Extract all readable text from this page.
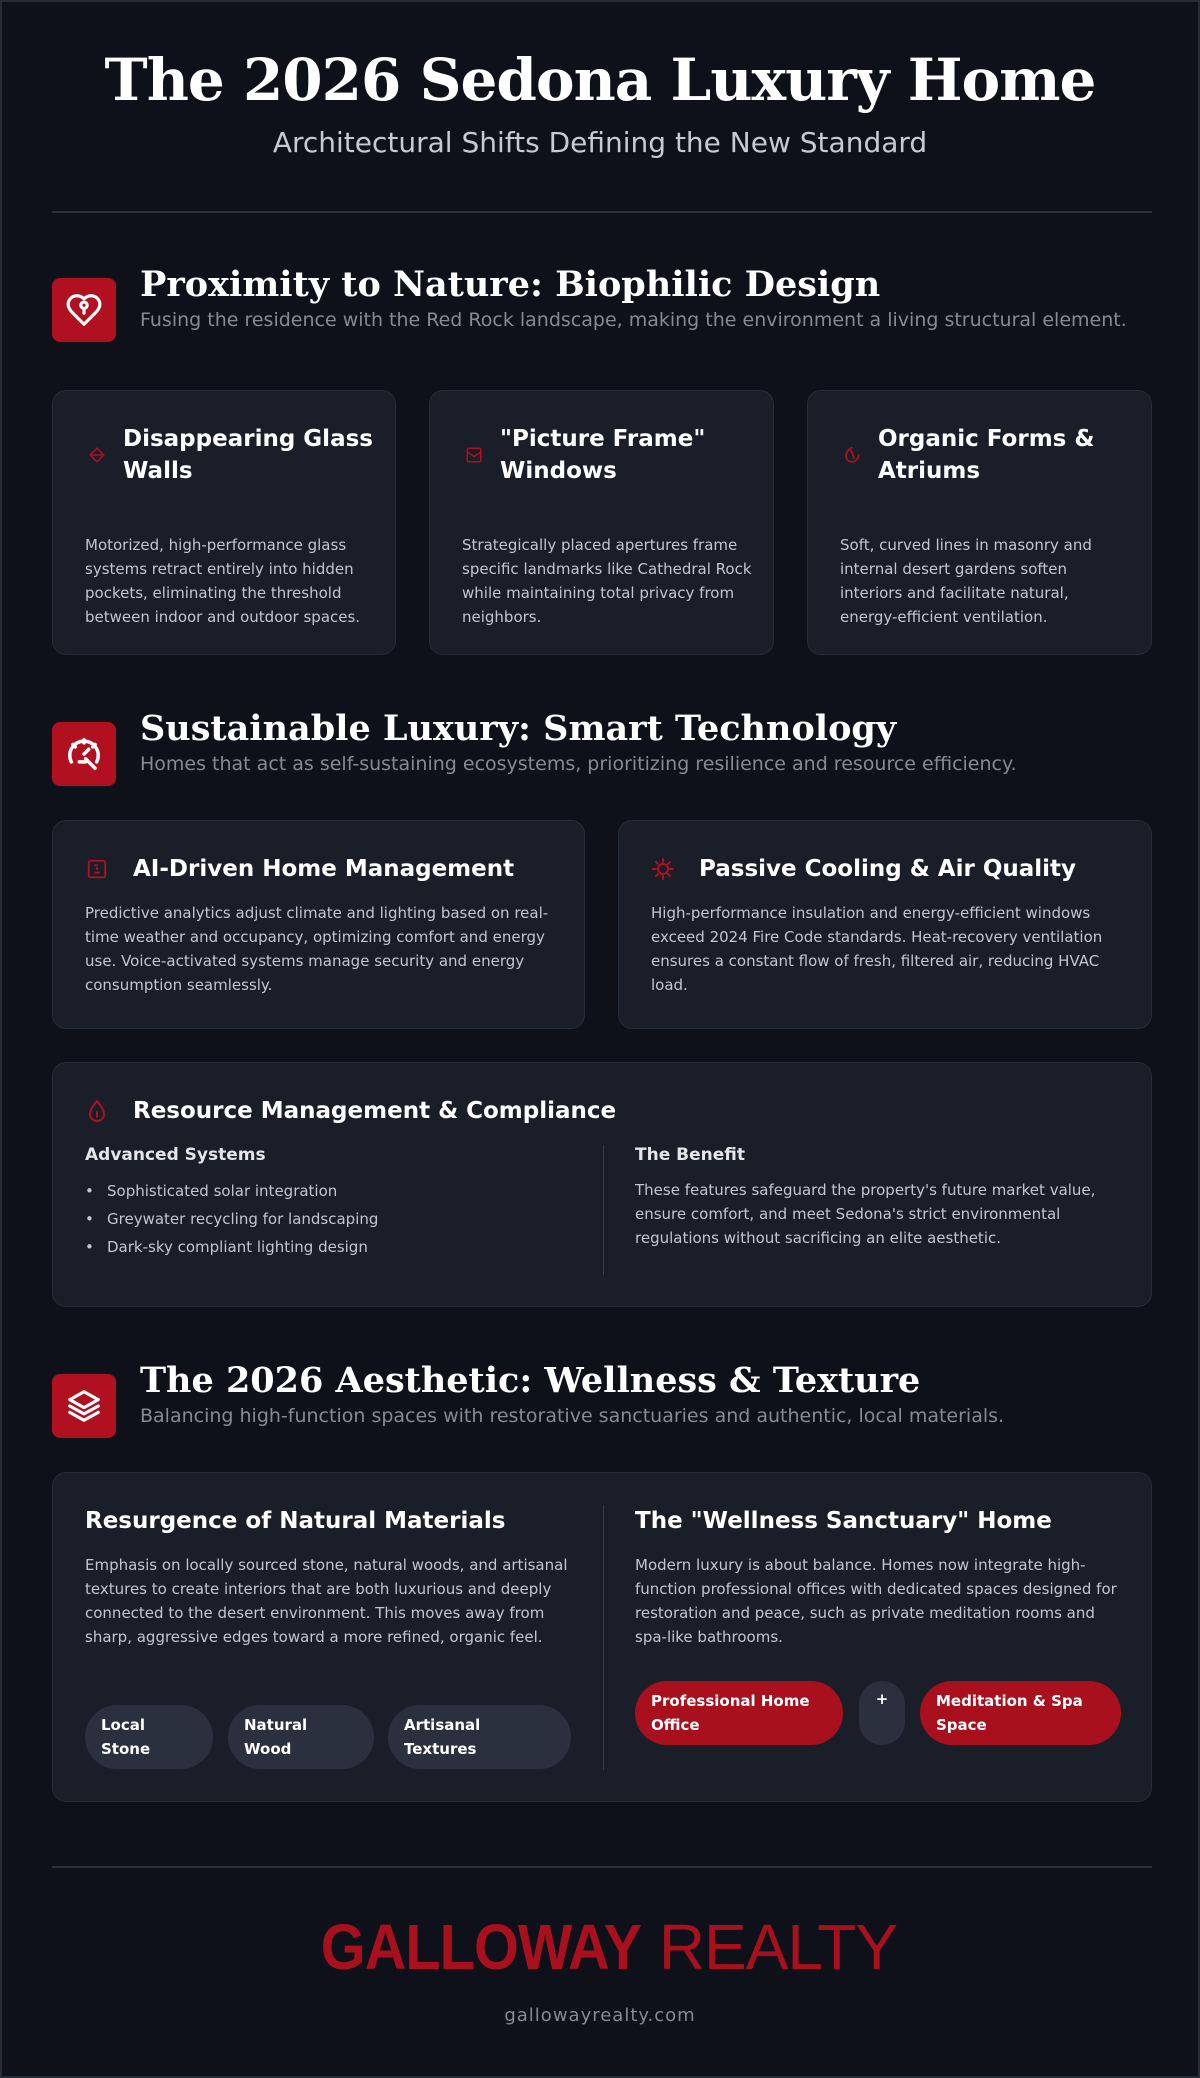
The 2026 Sedona Luxury Home
Architectural Shifts Defining the New Standard
Proximity to Nature: Biophilic Design

Fusing the residence with the Red Rock landscape, making the environment a living structural element.

Disappearing Glass Walls

Motorized, high-performance glass systems retract entirely into hidden pockets, eliminating the threshold between indoor and outdoor spaces.

"Picture Frame" Windows

Strategically placed apertures frame specific landmarks like Cathedral Rock while maintaining total privacy from neighbors.

Organic Forms & Atriums

Soft, curved lines in masonry and internal desert gardens soften interiors and facilitate natural, energy-efficient ventilation.

Sustainable Luxury: Smart Technology

Homes that act as self-sustaining ecosystems, prioritizing resilience and resource efficiency.

AI-Driven Home Management

Predictive analytics adjust climate and lighting based on real-time weather and occupancy, optimizing comfort and energy use. Voice-activated systems manage security and energy consumption seamlessly.

Passive Cooling & Air Quality

High-performance insulation and energy-efficient windows exceed 2024 Fire Code standards. Heat-recovery ventilation ensures a constant flow of fresh, filtered air, reducing HVAC load.

Resource Management & Compliance
Advanced Systems
• Sophisticated solar integration
• Greywater recycling for landscaping
• Dark-sky compliant lighting design
The Benefit

These features safeguard the property's future market value, ensure comfort, and meet Sedona's strict environmental regulations without sacrificing an elite aesthetic.

The 2026 Aesthetic: Wellness & Texture

Balancing high-function spaces with restorative sanctuaries and authentic, local materials.

Resurgence of Natural Materials

Emphasis on locally sourced stone, natural woods, and artisanal textures to create interiors that are both luxurious and deeply connected to the desert environment. This moves away from sharp, aggressive edges toward a more refined, organic feel.

Local Stone
Natural Wood
Artisanal Textures
The "Wellness Sanctuary" Home

Modern luxury is about balance. Homes now integrate high-function professional offices with dedicated spaces designed for restoration and peace, such as private meditation rooms and spa-like bathrooms.

Professional Home Office
+	Meditation & Spa Space
GALLOWAY REALTY
gallowayrealty.com
